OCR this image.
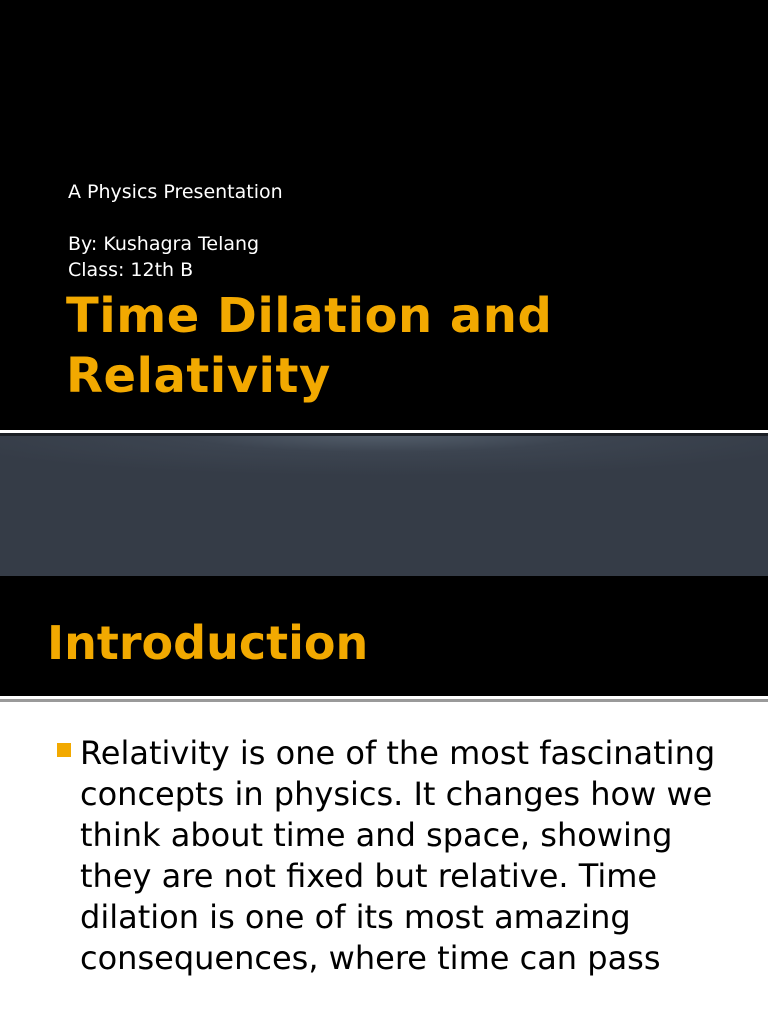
A Physics Presentation
By: Kushagra Telang
Class: 12th B
Time Dilation and
Relativity
Introduction

Relativity is one of the most fascinating concepts in physics. It changes how we think about time and space, showing they are not fixed but relative. Time dilation is one of its most amazing consequences, where time can pass
